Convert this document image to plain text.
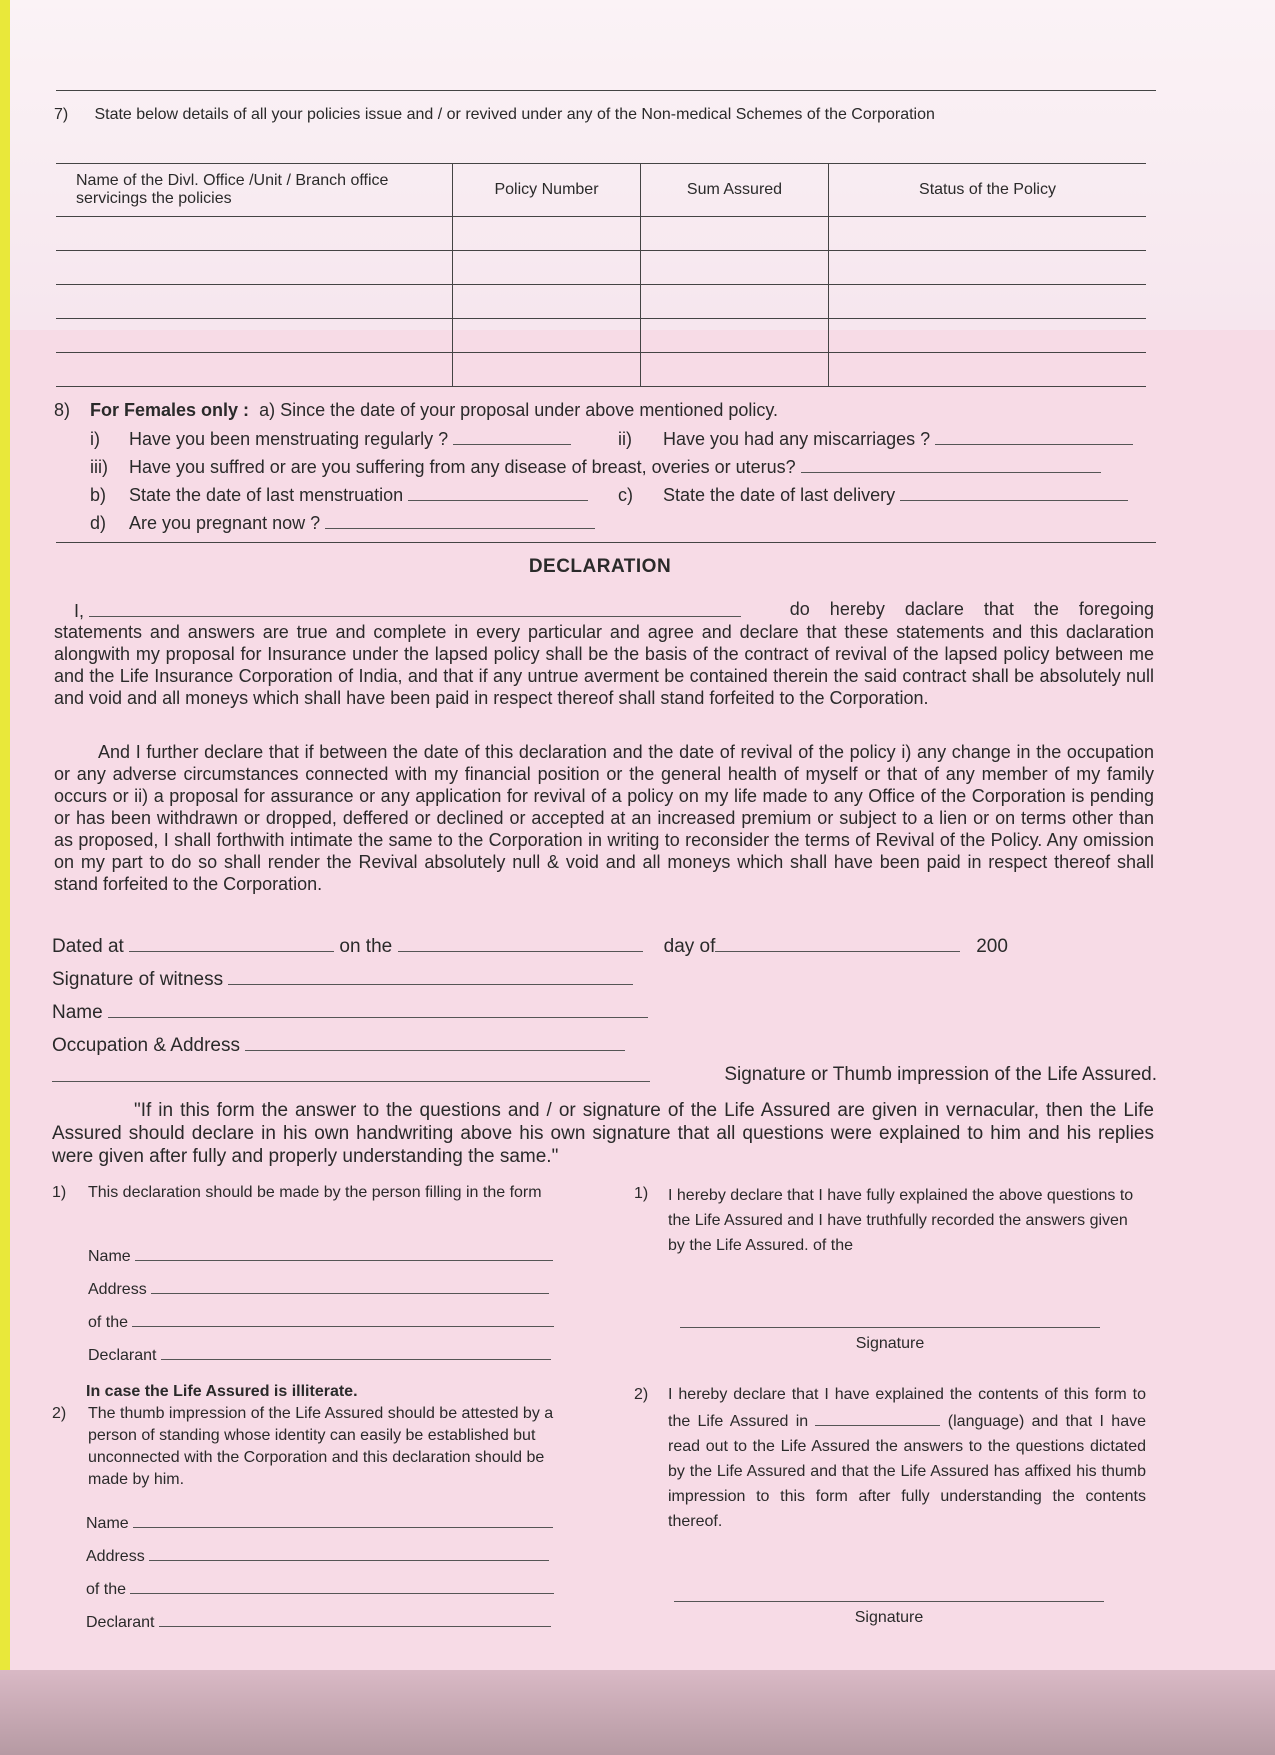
7) State below details of all your policies issue and / or revived under any of the Non-medical Schemes of the Corporation
Name of the Divl. Office /Unit / Branch office servicings the policies	Policy Number	Sum Assured	Status of the Policy

8) For Females only : a) Since the date of your proposal under above mentioned policy.
i) Have you been menstruating regularly ?	ii) Have you had any miscarriages ?
iii) Have you suffred or are you suffering from any disease of breast, overies or uterus?
b) State the date of last menstruation	c) State the date of last delivery
d) Are you pregnant now ?
DECLARATION
I,	do hereby daclare that the foregoing
statements and answers are true and complete in every particular and agree and declare that these statements and this daclaration alongwith my proposal for Insurance under the lapsed policy shall be the basis of the contract of revival of the lapsed policy between me and the Life Insurance Corporation of India, and that if any untrue averment be contained therein the said contract shall be absolutely null and void and all moneys which shall have been paid in respect thereof shall stand forfeited to the Corporation.
And I further declare that if between the date of this declaration and the date of revival of the policy i) any change in the occupation or any adverse circumstances connected with my financial position or the general health of myself or that of any member of my family occurs or ii) a proposal for assurance or any application for revival of a policy on my life made to any Office of the Corporation is pending or has been withdrawn or dropped, deffered or declined or accepted at an increased premium or subject to a lien or on terms other than as proposed, I shall forthwith intimate the same to the Corporation in writing to reconsider the terms of Revival of the Policy. Any omission on my part to do so shall render the Revival absolutely null & void and all moneys which shall have been paid in respect thereof shall stand forfeited to the Corporation.
Dated at	on the	day of	200
Signature of witness
Name
Occupation & Address
Signature or Thumb impression of the Life Assured.
"If in this form the answer to the questions and / or signature of the Life Assured are given in vernacular, then the Life Assured should declare in his own handwriting above his own signature that all questions were explained to him and his replies were given after fully and properly understanding the same."
1) This declaration should be made by the person filling in the form
Name
Address
of the
Declarant
1) I hereby declare that I have fully explained the above questions to the Life Assured and I have truthfully recorded the answers given by the Life Assured. of the
Signature
In case the Life Assured is illiterate.
2) The thumb impression of the Life Assured should be attested by a person of standing whose identity can easily be established but unconnected with the Corporation and this declaration should be made by him.
Name
Address
of the
Declarant
2) I hereby declare that I have explained the contents of this form to the Life Assured in	(language) and that I have read out to the Life Assured the answers to the questions dictated by the Life Assured and that the Life Assured has affixed his thumb impression to this form after fully understanding the contents thereof.
Signature
